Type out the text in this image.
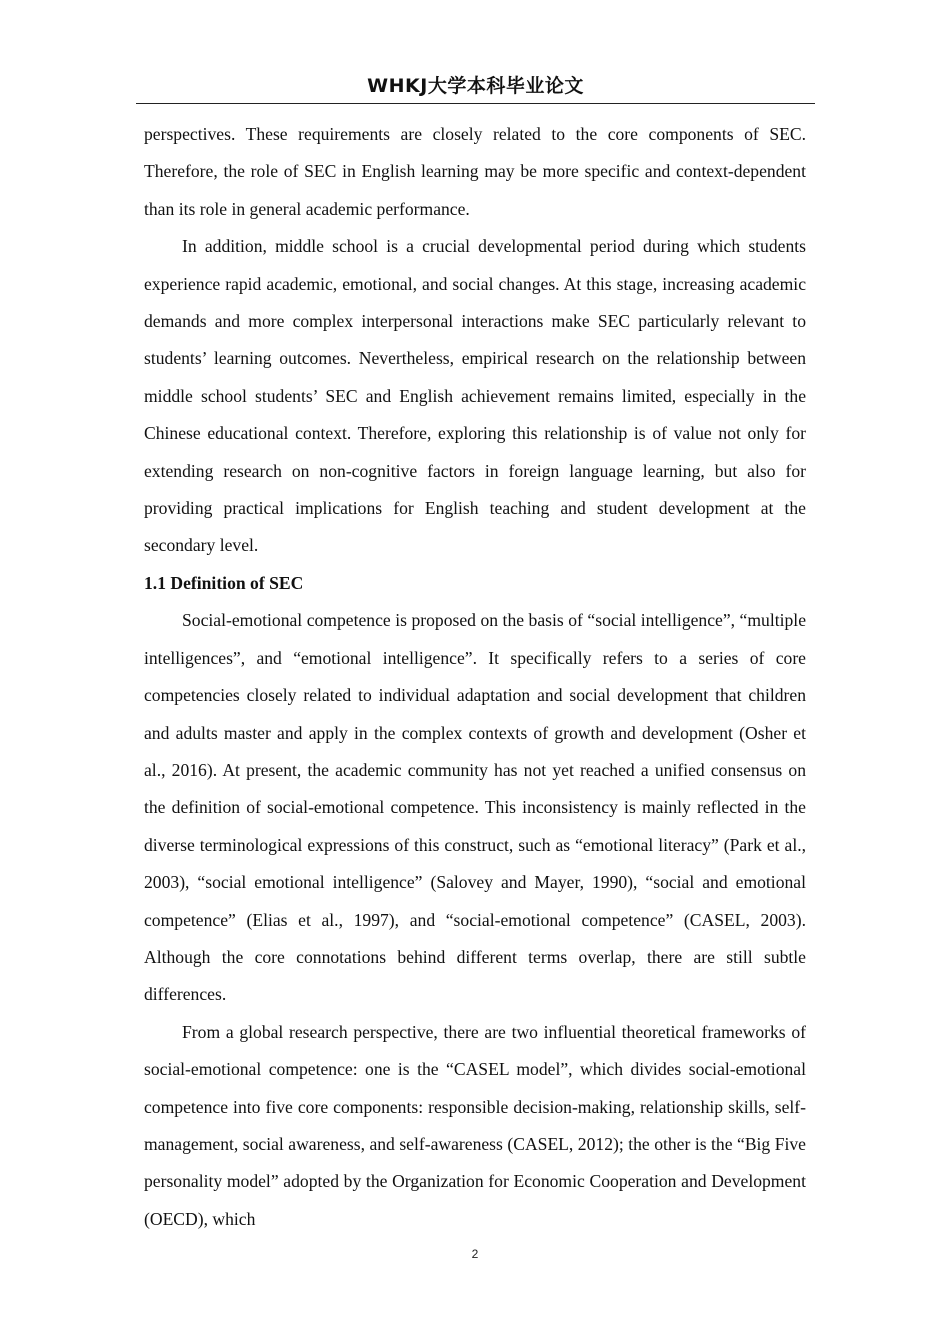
WHKJ大学本科毕业论文

perspectives. These requirements are closely related to the core components of SEC. Therefore, the role of SEC in English learning may be more specific and context-dependent than its role in general academic performance.

In addition, middle school is a crucial developmental period during which students experience rapid academic, emotional, and social changes. At this stage, increasing academic demands and more complex interpersonal interactions make SEC particularly relevant to students’ learning outcomes. Nevertheless, empirical research on the relationship between middle school students’ SEC and English achievement remains limited, especially in the Chinese educational context. Therefore, exploring this relationship is of value not only for extending research on non-cognitive factors in foreign language learning, but also for providing practical implications for English teaching and student development at the secondary level.

1.1 Definition of SEC

Social-emotional competence is proposed on the basis of “social intelligence”, “multiple intelligences”, and “emotional intelligence”. It specifically refers to a series of core competencies closely related to individual adaptation and social development that children and adults master and apply in the complex contexts of growth and development (Osher et al., 2016). At present, the academic community has not yet reached a unified consensus on the definition of social-emotional competence. This inconsistency is mainly reflected in the diverse terminological expressions of this construct, such as “emotional literacy” (Park et al., 2003), “social emotional intelligence” (Salovey and Mayer, 1990), “social and emotional competence” (Elias et al., 1997), and “social-emotional competence” (CASEL, 2003). Although the core connotations behind different terms overlap, there are still subtle differences.

From a global research perspective, there are two influential theoretical frameworks of social-emotional competence: one is the “CASEL model”, which divides social-emotional competence into five core components: responsible decision-making, relationship skills, self-management, social awareness, and self-awareness (CASEL, 2012); the other is the “Big Five personality model” adopted by the Organization for Economic Cooperation and Development (OECD), which

2
